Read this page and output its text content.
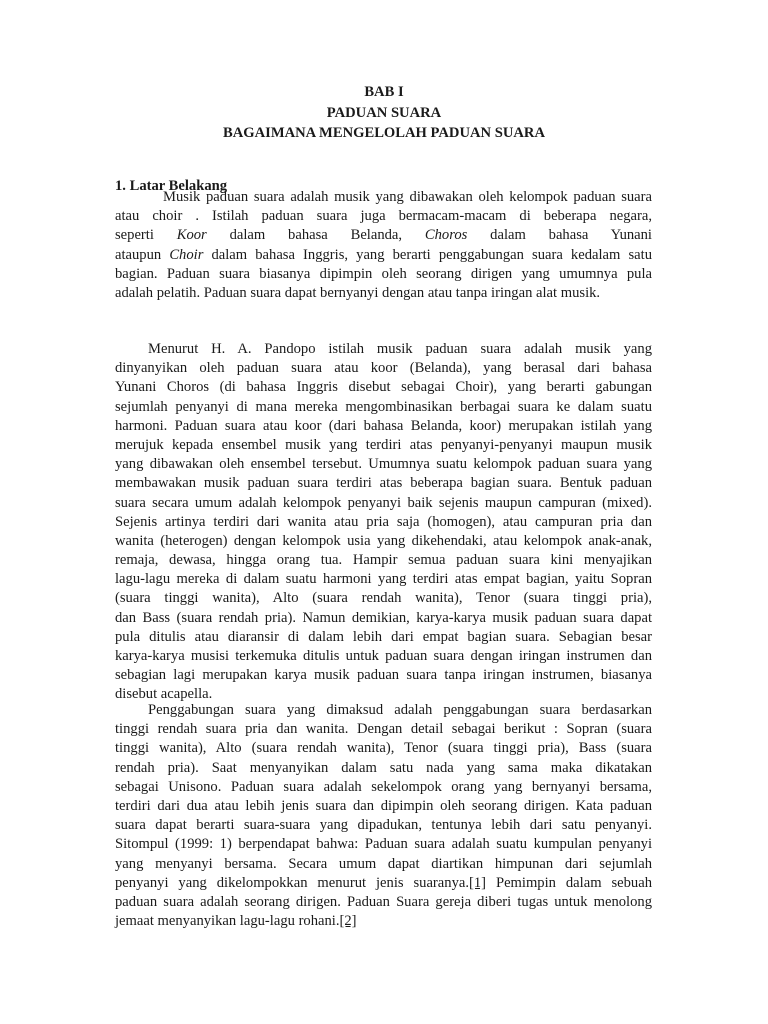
BAB I
PADUAN SUARA
BAGAIMANA MENGELOLAH PADUAN SUARA
1. Latar Belakang
Musik paduan suara adalah musik yang dibawakan oleh kelompok paduan suara
atau choir . Istilah paduan suara juga bermacam-macam di beberapa negara,
seperti Koor dalam bahasa Belanda, Choros dalam bahasa Yunani
ataupun Choir dalam bahasa Inggris, yang berarti penggabungan suara kedalam satu
bagian. Paduan suara biasanya dipimpin oleh seorang dirigen yang umumnya pula
adalah pelatih. Paduan suara dapat bernyanyi dengan atau tanpa iringan alat musik.
Menurut H. A. Pandopo istilah musik paduan suara adalah musik yang
dinyanyikan oleh paduan suara atau koor (Belanda), yang berasal dari bahasa
Yunani Choros (di bahasa Inggris disebut sebagai Choir), yang berarti gabungan
sejumlah penyanyi di mana mereka mengombinasikan berbagai suara ke dalam suatu
harmoni. Paduan suara atau koor (dari bahasa Belanda, koor) merupakan istilah yang
merujuk kepada ensembel musik yang terdiri atas penyanyi-penyanyi maupun musik
yang dibawakan oleh ensembel tersebut. Umumnya suatu kelompok paduan suara yang
membawakan musik paduan suara terdiri atas beberapa bagian suara. Bentuk paduan
suara secara umum adalah kelompok penyanyi baik sejenis maupun campuran (mixed).
Sejenis artinya terdiri dari wanita atau pria saja (homogen), atau campuran pria dan
wanita (heterogen) dengan kelompok usia yang dikehendaki, atau kelompok anak-anak,
remaja, dewasa, hingga orang tua. Hampir semua paduan suara kini menyajikan
lagu-lagu mereka di dalam suatu harmoni yang terdiri atas empat bagian, yaitu Sopran
(suara tinggi wanita), Alto (suara rendah wanita), Tenor (suara tinggi pria),
dan Bass (suara rendah pria). Namun demikian, karya-karya musik paduan suara dapat
pula ditulis atau diaransir di dalam lebih dari empat bagian suara. Sebagian besar
karya-karya musisi terkemuka ditulis untuk paduan suara dengan iringan instrumen dan
sebagian lagi merupakan karya musik paduan suara tanpa iringan instrumen, biasanya
disebut acapella.
Penggabungan suara yang dimaksud adalah penggabungan suara berdasarkan
tinggi rendah suara pria dan wanita. Dengan detail sebagai berikut : Sopran (suara
tinggi wanita), Alto (suara rendah wanita), Tenor (suara tinggi pria), Bass (suara
rendah pria). Saat menyanyikan dalam satu nada yang sama maka dikatakan
sebagai Unisono. Paduan suara adalah sekelompok orang yang bernyanyi bersama,
terdiri dari dua atau lebih jenis suara dan dipimpin oleh seorang dirigen. Kata paduan
suara dapat berarti suara-suara yang dipadukan, tentunya lebih dari satu penyanyi.
Sitompul (1999: 1) berpendapat bahwa: Paduan suara adalah suatu kumpulan penyanyi
yang menyanyi bersama. Secara umum dapat diartikan himpunan dari sejumlah
penyanyi yang dikelompokkan menurut jenis suaranya.[1] Pemimpin dalam sebuah
paduan suara adalah seorang dirigen. Paduan Suara gereja diberi tugas untuk menolong
jemaat menyanyikan lagu-lagu rohani.[2]
